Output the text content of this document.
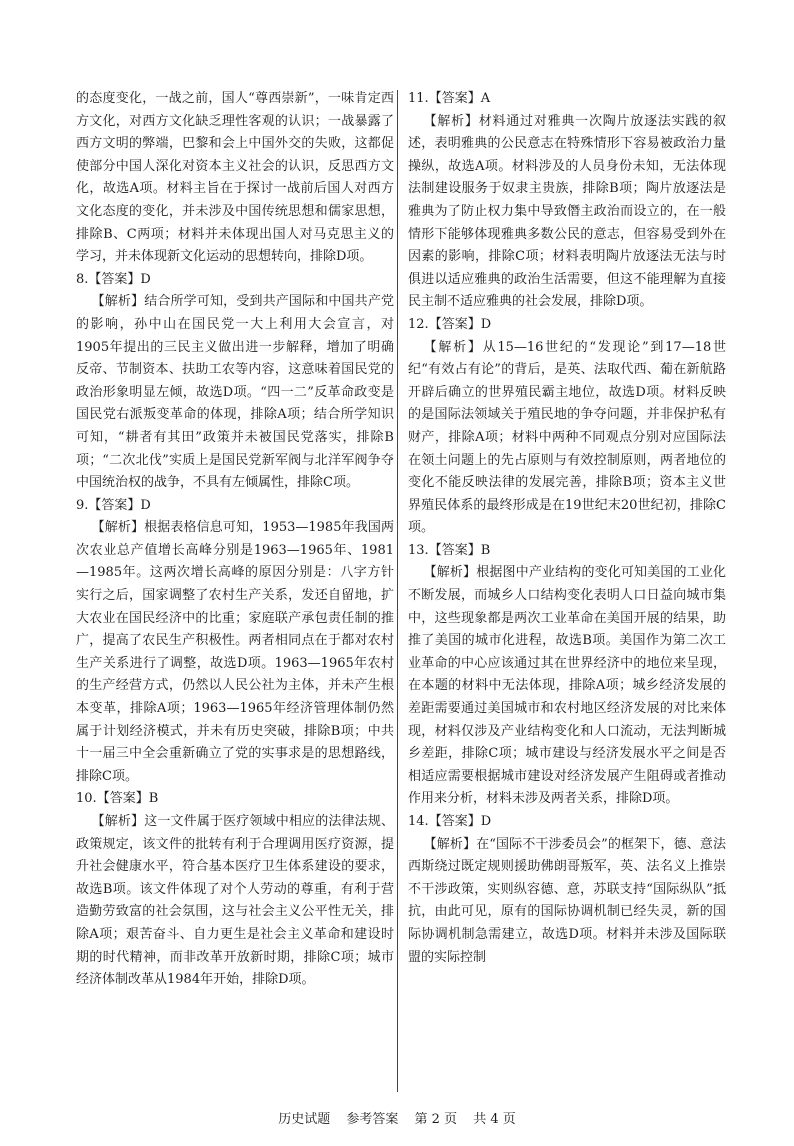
的态度变化，一战之前，国人“尊西崇新”，一味肯定西方文化，对西方文化缺乏理性客观的认识；一战暴露了西方文明的弊端，巴黎和会上中国外交的失败，这都促使部分中国人深化对资本主义社会的认识，反思西方文化，故选A项。材料主旨在于探讨一战前后国人对西方文化态度的变化，并未涉及中国传统思想和儒家思想，排除B、C两项；材料并未体现出国人对马克思主义的学习，并未体现新文化运动的思想转向，排除D项。
8.【答案】D
【解析】结合所学可知，受到共产国际和中国共产党的影响，孙中山在国民党一大上利用大会宣言，对1905年提出的三民主义做出进一步解释，增加了明确反帝、节制资本、扶助工农等内容，这意味着国民党的政治形象明显左倾，故选D项。“四一二”反革命政变是国民党右派叛变革命的体现，排除A项；结合所学知识可知，“耕者有其田”政策并未被国民党落实，排除B项；“二次北伐”实质上是国民党新军阀与北洋军阀争夺中国统治权的战争，不具有左倾属性，排除C项。
9.【答案】D
【解析】根据表格信息可知，1953—1985年我国两次农业总产值增长高峰分别是1963—1965年、1981—1985年。这两次增长高峰的原因分别是：八字方针实行之后，国家调整了农村生产关系，发还自留地，扩大农业在国民经济中的比重；家庭联产承包责任制的推广，提高了农民生产积极性。两者相同点在于都对农村生产关系进行了调整，故选D项。1963—1965年农村的生产经营方式，仍然以人民公社为主体，并未产生根本变革，排除A项；1963—1965年经济管理体制仍然属于计划经济模式，并未有历史突破，排除B项；中共十一届三中全会重新确立了党的实事求是的思想路线，排除C项。
10.【答案】B
【解析】这一文件属于医疗领域中相应的法律法规、政策规定，该文件的批转有利于合理调用医疗资源，提升社会健康水平，符合基本医疗卫生体系建设的要求，故选B项。该文件体现了对个人劳动的尊重，有利于营造勤劳致富的社会氛围，这与社会主义公平性无关，排除A项；艰苦奋斗、自力更生是社会主义革命和建设时期的时代精神，而非改革开放新时期，排除C项；城市经济体制改革从1984年开始，排除D项。
11.【答案】A
【解析】材料通过对雅典一次陶片放逐法实践的叙述，表明雅典的公民意志在特殊情形下容易被政治力量操纵，故选A项。材料涉及的人员身份未知，无法体现法制建设服务于奴隶主贵族，排除B项；陶片放逐法是雅典为了防止权力集中导致僭主政治而设立的，在一般情形下能够体现雅典多数公民的意志，但容易受到外在因素的影响，排除C项；材料表明陶片放逐法无法与时俱进以适应雅典的政治生活需要，但这不能理解为直接民主制不适应雅典的社会发展，排除D项。
12.【答案】D
【解析】从15—16世纪的“发现论”到17—18世纪“有效占有论”的背后，是英、法取代西、葡在新航路开辟后确立的世界殖民霸主地位，故选D项。材料反映的是国际法领域关于殖民地的争夺问题，并非保护私有财产，排除A项；材料中两种不同观点分别对应国际法在领土问题上的先占原则与有效控制原则，两者地位的变化不能反映法律的发展完善，排除B项；资本主义世界殖民体系的最终形成是在19世纪末20世纪初，排除C项。
13.【答案】B
【解析】根据图中产业结构的变化可知美国的工业化不断发展，而城乡人口结构变化表明人口日益向城市集中，这些现象都是两次工业革命在美国开展的结果，助推了美国的城市化进程，故选B项。美国作为第二次工业革命的中心应该通过其在世界经济中的地位来呈现，在本题的材料中无法体现，排除A项；城乡经济发展的差距需要通过美国城市和农村地区经济发展的对比来体现，材料仅涉及产业结构变化和人口流动，无法判断城乡差距，排除C项；城市建设与经济发展水平之间是否相适应需要根据城市建设对经济发展产生阻碍或者推动作用来分析，材料未涉及两者关系，排除D项。
14.【答案】D
【解析】在“国际不干涉委员会”的框架下，德、意法西斯绕过既定规则援助佛朗哥叛军，英、法名义上推崇不干涉政策，实则纵容德、意，苏联支持“国际纵队”抵抗，由此可见，原有的国际协调机制已经失灵，新的国际协调机制急需建立，故选D项。材料并未涉及国际联盟的实际控制
历史试题 参考答案 第 2 页 共 4 页
